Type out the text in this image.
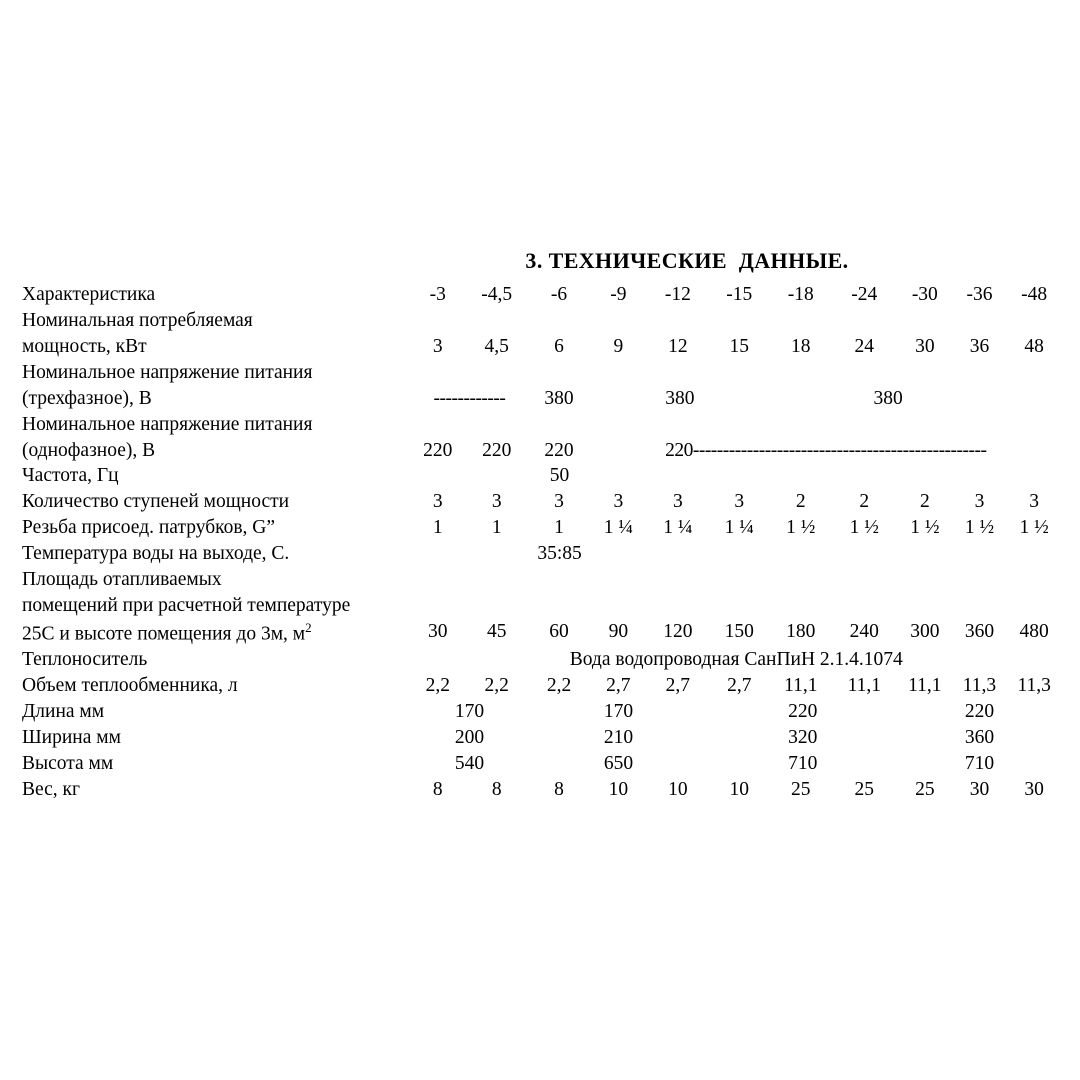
3. ТЕХНИЧЕСКИЕ  ДАННЫЕ.
Характеристика	-3	-4,5	-6	-9	-12	-15	-18	-24	-30	-36	-48
Номинальная потребляемая											
мощность, кВт	3	4,5	6	9	12	15	18	24	30	36	48
Номинальное напряжение питания											
(трехфазное), В	------------		380	380			380				
Номинальное напряжение питания											
(однофазное), В	220	220	220	220-------------------------------------------------							
Частота, Гц	50										
Количество ступеней мощности	3	3	3	3	3	3	2	2	2	3	3
Резьба присоед. патрубков, G”	1	1	1	1 ¼	1 ¼	1 ¼	1 ½	1 ½	1 ½	1 ½	1 ½
Температура воды на выходе, С.	35:85										
Площадь отапливаемых											
помещений при расчетной температуре											
25С и высоте помещения до 3м, $м^2$	30	45	60	90	120	150	180	240	300	360	480
Теплоноситель	Вода водопроводная СанПиН 2.1.4.1074										
Объем теплообменника, л	2,2	2,2	2,2	2,7	2,7	2,7	11,1	11,1	11,1	11,3	11,3
Длина мм	170		170			220			220		
Ширина мм	200		210			320			360		
Высота мм	540		650			710			710		
Вес, кг	8	8	8	10	10	10	25	25	25	30	30
